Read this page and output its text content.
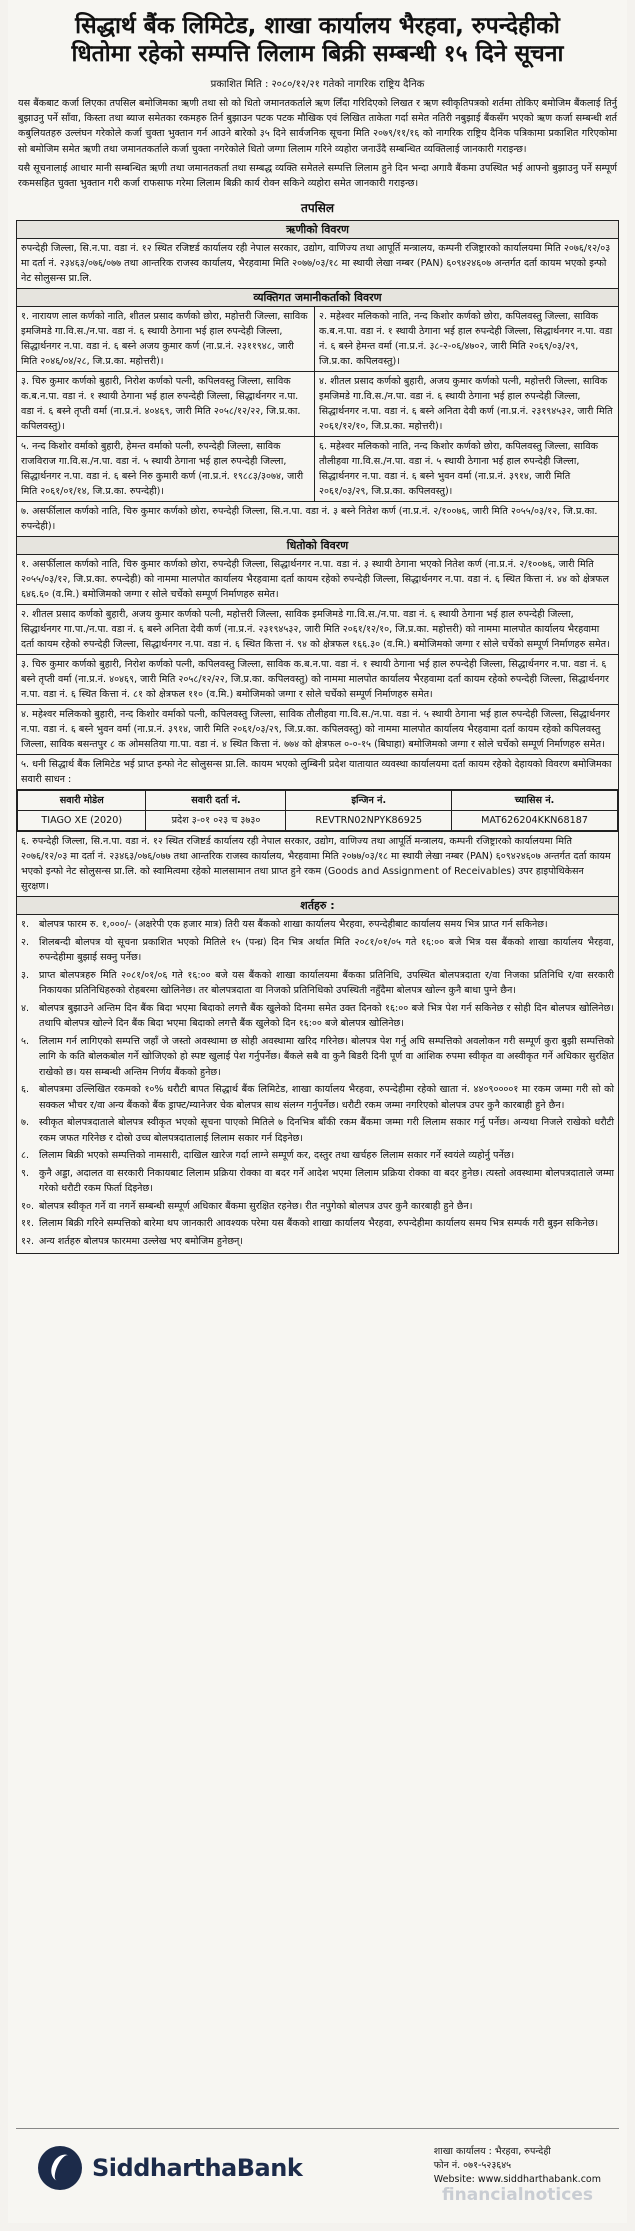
सिद्धार्थ बैंक लिमिटेड, शाखा कार्यालय भैरहवा, रुपन्देहीको
धितोमा रहेको सम्पत्ति लिलाम बिक्री सम्बन्धी १५ दिने सूचना
प्रकाशित मिति : २०८०/१२/२१ गतेको नागरिक राष्ट्रिय दैनिक

यस बैंकबाट कर्जा लिएका तपसिल बमोजिमका ऋणी तथा सो को धितो जमानतकर्ताले ऋण लिँदा गरिदिएको लिखत र ऋण स्वीकृतिपत्रको शर्तमा तोकिए बमोजिम बैंकलाई तिर्नु बुझाउनु पर्ने साँवा, किस्ता तथा ब्याज समेतका रकमहरु तिर्न बुझाउन पटक पटक मौखिक एवं लिखित ताकेता गर्दा समेत नतिरी नबुझाई बैंकसँग भएको ऋण कर्जा सम्बन्धी शर्त कबुलियतहरु उल्लंघन गरेकोले कर्जा चुक्ता भुक्तान गर्न आउने बारेको ३५ दिने सार्वजनिक सूचना मिति २०७९/११/१६ को नागरिक राष्ट्रिय दैनिक पत्रिकामा प्रकाशित गरिएकोमा सो बमोजिम समेत ऋणी तथा जमानतकर्ताले कर्जा चुक्ता नगरेकोले धितो जग्गा लिलाम गरिने व्यहोरा जनाउँदै सम्बन्धित व्यक्तिलाई जानकारी गराइन्छ।

यसै सूचनालाई आधार मानी सम्बन्धित ऋणी तथा जमानतकर्ता तथा सम्बद्ध व्यक्ति समेतले सम्पत्ति लिलाम हुने दिन भन्दा अगावै बैंकमा उपस्थित भई आफ्नो बुझाउनु पर्ने सम्पूर्ण रकमसहित चुक्ता भुक्तान गरी कर्जा राफसाफ गरेमा लिलाम बिक्री कार्य रोक्न सकिने व्यहोरा समेत जानकारी गराइन्छ।

तपसिल
ऋणीको विवरण
रुपन्देही जिल्ला, सि.न.पा. वडा नं. १२ स्थित रजिष्टर्ड कार्यालय रही नेपाल सरकार, उद्योग, वाणिज्य तथा आपूर्ति मन्त्रालय, कम्पनी रजिष्ट्रारको कार्यालयमा मिति २०७६/१२/०३ मा दर्ता नं. २३४६३/०७६/०७७ तथा आन्तरिक राजस्व कार्यालय, भैरहवामा मिति २०७७/०३/१८ मा स्थायी लेखा नम्बर (PAN) ६०९४२४६०७ अन्तर्गत दर्ता कायम भएको इन्फो नेट सोलुसन्स प्रा.लि.
व्यक्तिगत जमानीकर्ताको विवरण
१. नारायण लाल कर्णको नाति, शीतल प्रसाद कर्णको छोरा, महोत्तरी जिल्ला, साविक इमजिमडे गा.वि.स./न.पा. वडा नं. ६ स्थायी ठेगाना भई हाल रुपन्देही जिल्ला, सिद्धार्थनगर न.पा. वडा नं. ६ बस्ने अजय कुमार कर्ण (ना.प्र.नं. २३११९४८, जारी मिति २०४६/०४/२८, जि.प्र.का. महोत्तरी)।	२. महेश्वर मलिकको नाति, नन्द किशोर कर्णको छोरा, कपिलवस्तु जिल्ला, साविक क.ब.न.पा. वडा नं. १ स्थायी ठेगाना भई हाल रुपन्देही जिल्ला, सिद्धार्थनगर न.पा. वडा नं. ६ बस्ने हेमन्त वर्मा (ना.प्र.नं. ३८-२-०६/४७०२, जारी मिति २०६९/०३/२९, जि.प्र.का. कपिलवस्तु)।
३. चिरु कुमार कर्णको बुहारी, निरोश कर्णको पत्नी, कपिलवस्तु जिल्ला, साविक क.ब.न.पा. वडा नं. १ स्थायी ठेगाना भई हाल रुपन्देही जिल्ला, सिद्धार्थनगर न.पा. वडा नं. ६ बस्ने तृप्ती वर्मा (ना.प्र.नं. ४०४६९, जारी मिति २०५८/१२/२२, जि.प्र.का. कपिलवस्तु)।	४. शीतल प्रसाद कर्णको बुहारी, अजय कुमार कर्णको पत्नी, महोत्तरी जिल्ला, साविक इमजिमडे गा.वि.स./न.पा. वडा नं. ६ स्थायी ठेगाना भई हाल रुपन्देही जिल्ला, सिद्धार्थनगर न.पा. वडा नं. ६ बस्ने अनिता देवी कर्ण (ना.प्र.नं. २३१९४५३२, जारी मिति २०६१/१२/१०, जि.प्र.का. महोत्तरी)।
५. नन्द किशोर वर्माको बुहारी, हेमन्त वर्माको पत्नी, रुपन्देही जिल्ला, साविक राजविराज गा.वि.स./न.पा. वडा नं. ५ स्थायी ठेगाना भई हाल रुपन्देही जिल्ला, सिद्धार्थनगर न.पा. वडा नं. ६ बस्ने निरु कुमारी कर्ण (ना.प्र.नं. १९८८३/३०७४, जारी मिति २०६१/०१/१४, जि.प्र.का. रुपन्देही)।	६. महेश्वर मलिकको नाति, नन्द किशोर कर्णको छोरा, कपिलवस्तु जिल्ला, साविक तौलीहवा गा.वि.स./न.पा. वडा नं. ५ स्थायी ठेगाना भई हाल रुपन्देही जिल्ला, सिद्धार्थनगर न.पा. वडा नं. ६ बस्ने भुवन वर्मा (ना.प्र.नं. ३९१४, जारी मिति २०६१/०३/२९, जि.प्र.का. कपिलवस्तु)।
७. असर्फीलाल कर्णको नाति, चिरु कुमार कर्णको छोरा, रुपन्देही जिल्ला, सि.न.पा. वडा नं. ३ बस्ने नितेश कर्ण (ना.प्र.नं. २/१००७६, जारी मिति २०५५/०३/१२, जि.प्र.का. रुपन्देही)।
धितोको विवरण
१. असर्फीलाल कर्णको नाति, चिरु कुमार कर्णको छोरा, रुपन्देही जिल्ला, सिद्धार्थनगर न.पा. वडा नं. ३ स्थायी ठेगाना भएको नितेश कर्ण (ना.प्र.नं. २/१००७६, जारी मिति २०५५/०३/१२, जि.प्र.का. रुपन्देही) को नाममा मालपोत कार्यालय भैरहवामा दर्ता कायम रहेको रुपन्देही जिल्ला, सिद्धार्थनगर न.पा. वडा नं. ६ स्थित कित्ता नं. ४४ को क्षेत्रफल ६४६.६० (व.मि.) बमोजिमको जग्गा र सोले चर्चेको सम्पूर्ण निर्माणहरु समेत।
२. शीतल प्रसाद कर्णको बुहारी, अजय कुमार कर्णको पत्नी, महोत्तरी जिल्ला, साविक इमजिमडे गा.वि.स./न.पा. वडा नं. ६ स्थायी ठेगाना भई हाल रुपन्देही जिल्ला, सिद्धार्थनगर गा.पा./न.पा. वडा नं. ६ बस्ने अनिता देवी कर्ण (ना.प्र.नं. २३१९४५३२, जारी मिति २०६१/१२/१०, जि.प्र.का. महोत्तरी) को नाममा मालपोत कार्यालय भैरहवामा दर्ता कायम रहेको रुपन्देही जिल्ला, सिद्धार्थनगर न.पा. वडा नं. ६ स्थित कित्ता नं. ९४ को क्षेत्रफल १६६.३० (व.मि.) बमोजिमको जग्गा र सोले चर्चेको सम्पूर्ण निर्माणहरु समेत।
३. चिरु कुमार कर्णको बुहारी, निरोश कर्णको पत्नी, कपिलवस्तु जिल्ला, साविक क.ब.न.पा. वडा नं. १ स्थायी ठेगाना भई हाल रुपन्देही जिल्ला, सिद्धार्थनगर न.पा. वडा नं. ६ बस्ने तृप्ती वर्मा (ना.प्र.नं. ४०४६९, जारी मिति २०५८/१२/२२, जि.प्र.का. कपिलवस्तु) को नाममा मालपोत कार्यालय भैरहवामा दर्ता कायम रहेको रुपन्देही जिल्ला, सिद्धार्थनगर न.पा. वडा नं. ६ स्थित कित्ता नं. ८१ को क्षेत्रफल ११० (व.मि.) बमोजिमको जग्गा र सोले चर्चेको सम्पूर्ण निर्माणहरु समेत।
४. महेश्वर मलिकको बुहारी, नन्द किशोर वर्माको पत्नी, कपिलवस्तु जिल्ला, साविक तौलीहवा गा.वि.स./न.पा. वडा नं. ५ स्थायी ठेगाना भई हाल रुपन्देही जिल्ला, सिद्धार्थनगर न.पा. वडा नं. ६ बस्ने भुवन वर्मा (ना.प्र.नं. ३९१४, जारी मिति २०६१/०३/२९, जि.प्र.का. कपिलवस्तु) को नाममा मालपोत कार्यालय भैरहवामा दर्ता कायम रहेको कपिलवस्तु जिल्ला, साविक बसन्तपुर ८ क ओमसतिया गा.पा. वडा नं. ४ स्थित कित्ता नं. ७७४ को क्षेत्रफल ०-०-१५ (बिघाहा) बमोजिमको जग्गा र सोले चर्चेको सम्पूर्ण निर्माणहरु समेत।
५. धनी सिद्धार्थ बैंक लिमिटेड भई प्राप्त इन्फो नेट सोलुसन्स प्रा.लि. कायम भएको लुम्बिनी प्रदेश यातायात व्यवस्था कार्यालयमा दर्ता कायम रहेको देहायको विवरण बमोजिमका सवारी साधन :

सवारी मोडेल	सवारी दर्ता नं.	इन्जिन नं.	च्यासिस नं.
TIAGO XE (2020)	प्रदेश ३-०१ ०२३ च ३७३०	REVTRN02NPYK86925	MAT626204KKN68187

६. रुपन्देही जिल्ला, सि.न.पा. वडा नं. १२ स्थित रजिष्टर्ड कार्यालय रही नेपाल सरकार, उद्योग, वाणिज्य तथा आपूर्ति मन्त्रालय, कम्पनी रजिष्ट्रारको कार्यालयमा मिति २०७६/१२/०३ मा दर्ता नं. २३४६३/०७६/०७७ तथा आन्तरिक राजस्व कार्यालय, भैरहवामा मिति २०७७/०३/१८ मा स्थायी लेखा नम्बर (PAN) ६०९४२४६०७ अन्तर्गत दर्ता कायम भएको इन्फो नेट सोलुसन्स प्रा.लि. को स्वामित्वमा रहेको मालसामान तथा प्राप्त हुने रकम (Goods and Assignment of Receivables) उपर हाइपोथिकेसन सुरक्षण।
शर्तहरु :

१.	बोलपत्र फारम रु. १,०००/- (अक्षरेपी एक हजार मात्र) तिरी यस बैंकको शाखा कार्यालय भैरहवा, रुपन्देहीबाट कार्यालय समय भित्र प्राप्त गर्न सकिनेछ।
२.	शिलबन्दी बोलपत्र यो सूचना प्रकाशित भएको मितिले १५ (पन्ध्र) दिन भित्र अर्थात मिति २०८१/०१/०५ गते १६:०० बजे भित्र यस बैंकको शाखा कार्यालय भैरहवा, रुपन्देहीमा बुझाई सक्नु पर्नेछ।
३.	प्राप्त बोलपत्रहरु मिति २०८१/०१/०६ गते १६:०० बजे यस बैंकको शाखा कार्यालयमा बैंकका प्रतिनिधि, उपस्थित बोलपत्रदाता र/वा निजका प्रतिनिधि र/वा सरकारी निकायका प्रतिनिधिहरुको रोहबरमा खोलिनेछ। तर बोलपत्रदाता वा निजको प्रतिनिधिको उपस्थिती नहुँदैमा बोलपत्र खोल्न कुनै बाधा पुग्ने छैन।
४.	बोलपत्र बुझाउने अन्तिम दिन बैंक बिदा भएमा बिदाको लगत्तै बैंक खुलेको दिनमा समेत उक्त दिनको १६:०० बजे भित्र पेश गर्न सकिनेछ र सोही दिन बोलपत्र खोलिनेछ। तथापि बोलपत्र खोल्ने दिन बैंक बिदा भएमा बिदाको लगत्तै बैंक खुलेको दिन १६:०० बजे बोलपत्र खोलिनेछ।
५.	लिलाम गर्न लागिएको सम्पत्ति जहाँ जे जस्तो अवस्थामा छ सोही अवस्थामा खरिद गरिनेछ। बोलपत्र पेश गर्नु अघि सम्पत्तिको अवलोकन गरी सम्पूर्ण कुरा बुझी सम्पत्तिको लागि के कति बोलकबोल गर्ने खोजिएको हो स्पष्ट खुलाई पेश गर्नुपर्नेछ। बैंकले सबै वा कुनै बिडरी दिनी पूर्ण वा आंशिक रुपमा स्वीकृत वा अस्वीकृत गर्ने अधिकार सुरक्षित राखेको छ। यस सम्बन्धी अन्तिम निर्णय बैंकको हुनेछ।
६.	बोलपत्रमा उल्लिखित रकमको १०% धरौटी बापत सिद्धार्थ बैंक लिमिटेड, शाखा कार्यालय भैरहवा, रुपन्देहीमा रहेको खाता नं. ४४०९००००१ मा रकम जम्मा गरी सो को सक्कल भौचर र/वा अन्य बैंकको बैंक ड्राफ्ट/म्यानेजर चेक बोलपत्र साथ संलग्न गर्नुपर्नेछ। धरौटी रकम जम्मा नगरिएको बोलपत्र उपर कुनै कारबाही हुने छैन।
७.	स्वीकृत बोलपत्रदाताले बोलपत्र स्वीकृत भएको सूचना पाएको मितिले ७ दिनभित्र बाँकी रकम बैंकमा जम्मा गरी लिलाम सकार गर्नु पर्नेछ। अन्यथा निजले राखेको धरौटी रकम जफत गरिनेछ र दोस्रो उच्च बोलपत्रदातालाई लिलाम सकार गर्न दिइनेछ।
८.	लिलाम बिक्री भएको सम्पत्तिको नामसारी, दाखिल खारेज गर्दा लाग्ने सम्पूर्ण कर, दस्तुर तथा खर्चहरु लिलाम सकार गर्ने स्वयंले व्यहोर्नु पर्नेछ।
९.	कुनै अड्डा, अदालत वा सरकारी निकायबाट लिलाम प्रक्रिया रोक्का वा बदर गर्ने आदेश भएमा लिलाम प्रक्रिया रोक्का वा बदर हुनेछ। त्यस्तो अवस्थामा बोलपत्रदाताले जम्मा गरेको धरौटी रकम फिर्ता दिइनेछ।
१०. बोलपत्र स्वीकृत गर्ने वा नगर्ने सम्बन्धी सम्पूर्ण अधिकार बैंकमा सुरक्षित रहनेछ। रीत नपुगेको बोलपत्र उपर कुनै कारबाही हुने छैन।
११. लिलाम बिक्री गरिने सम्पत्तिको बारेमा थप जानकारी आवश्यक परेमा यस बैंकको शाखा कार्यालय भैरहवा, रुपन्देहीमा कार्यालय समय भित्र सम्पर्क गरी बुझ्न सकिनेछ।
१२. अन्य शर्तहरु बोलपत्र फारममा उल्लेख भए बमोजिम हुनेछन्।
SiddharthaBank
शाखा कार्यालय : भैरहवा, रुपन्देही
फोन नं. ०७१-५२३६४५
Website: www.siddharthabank.com
financialnotices
